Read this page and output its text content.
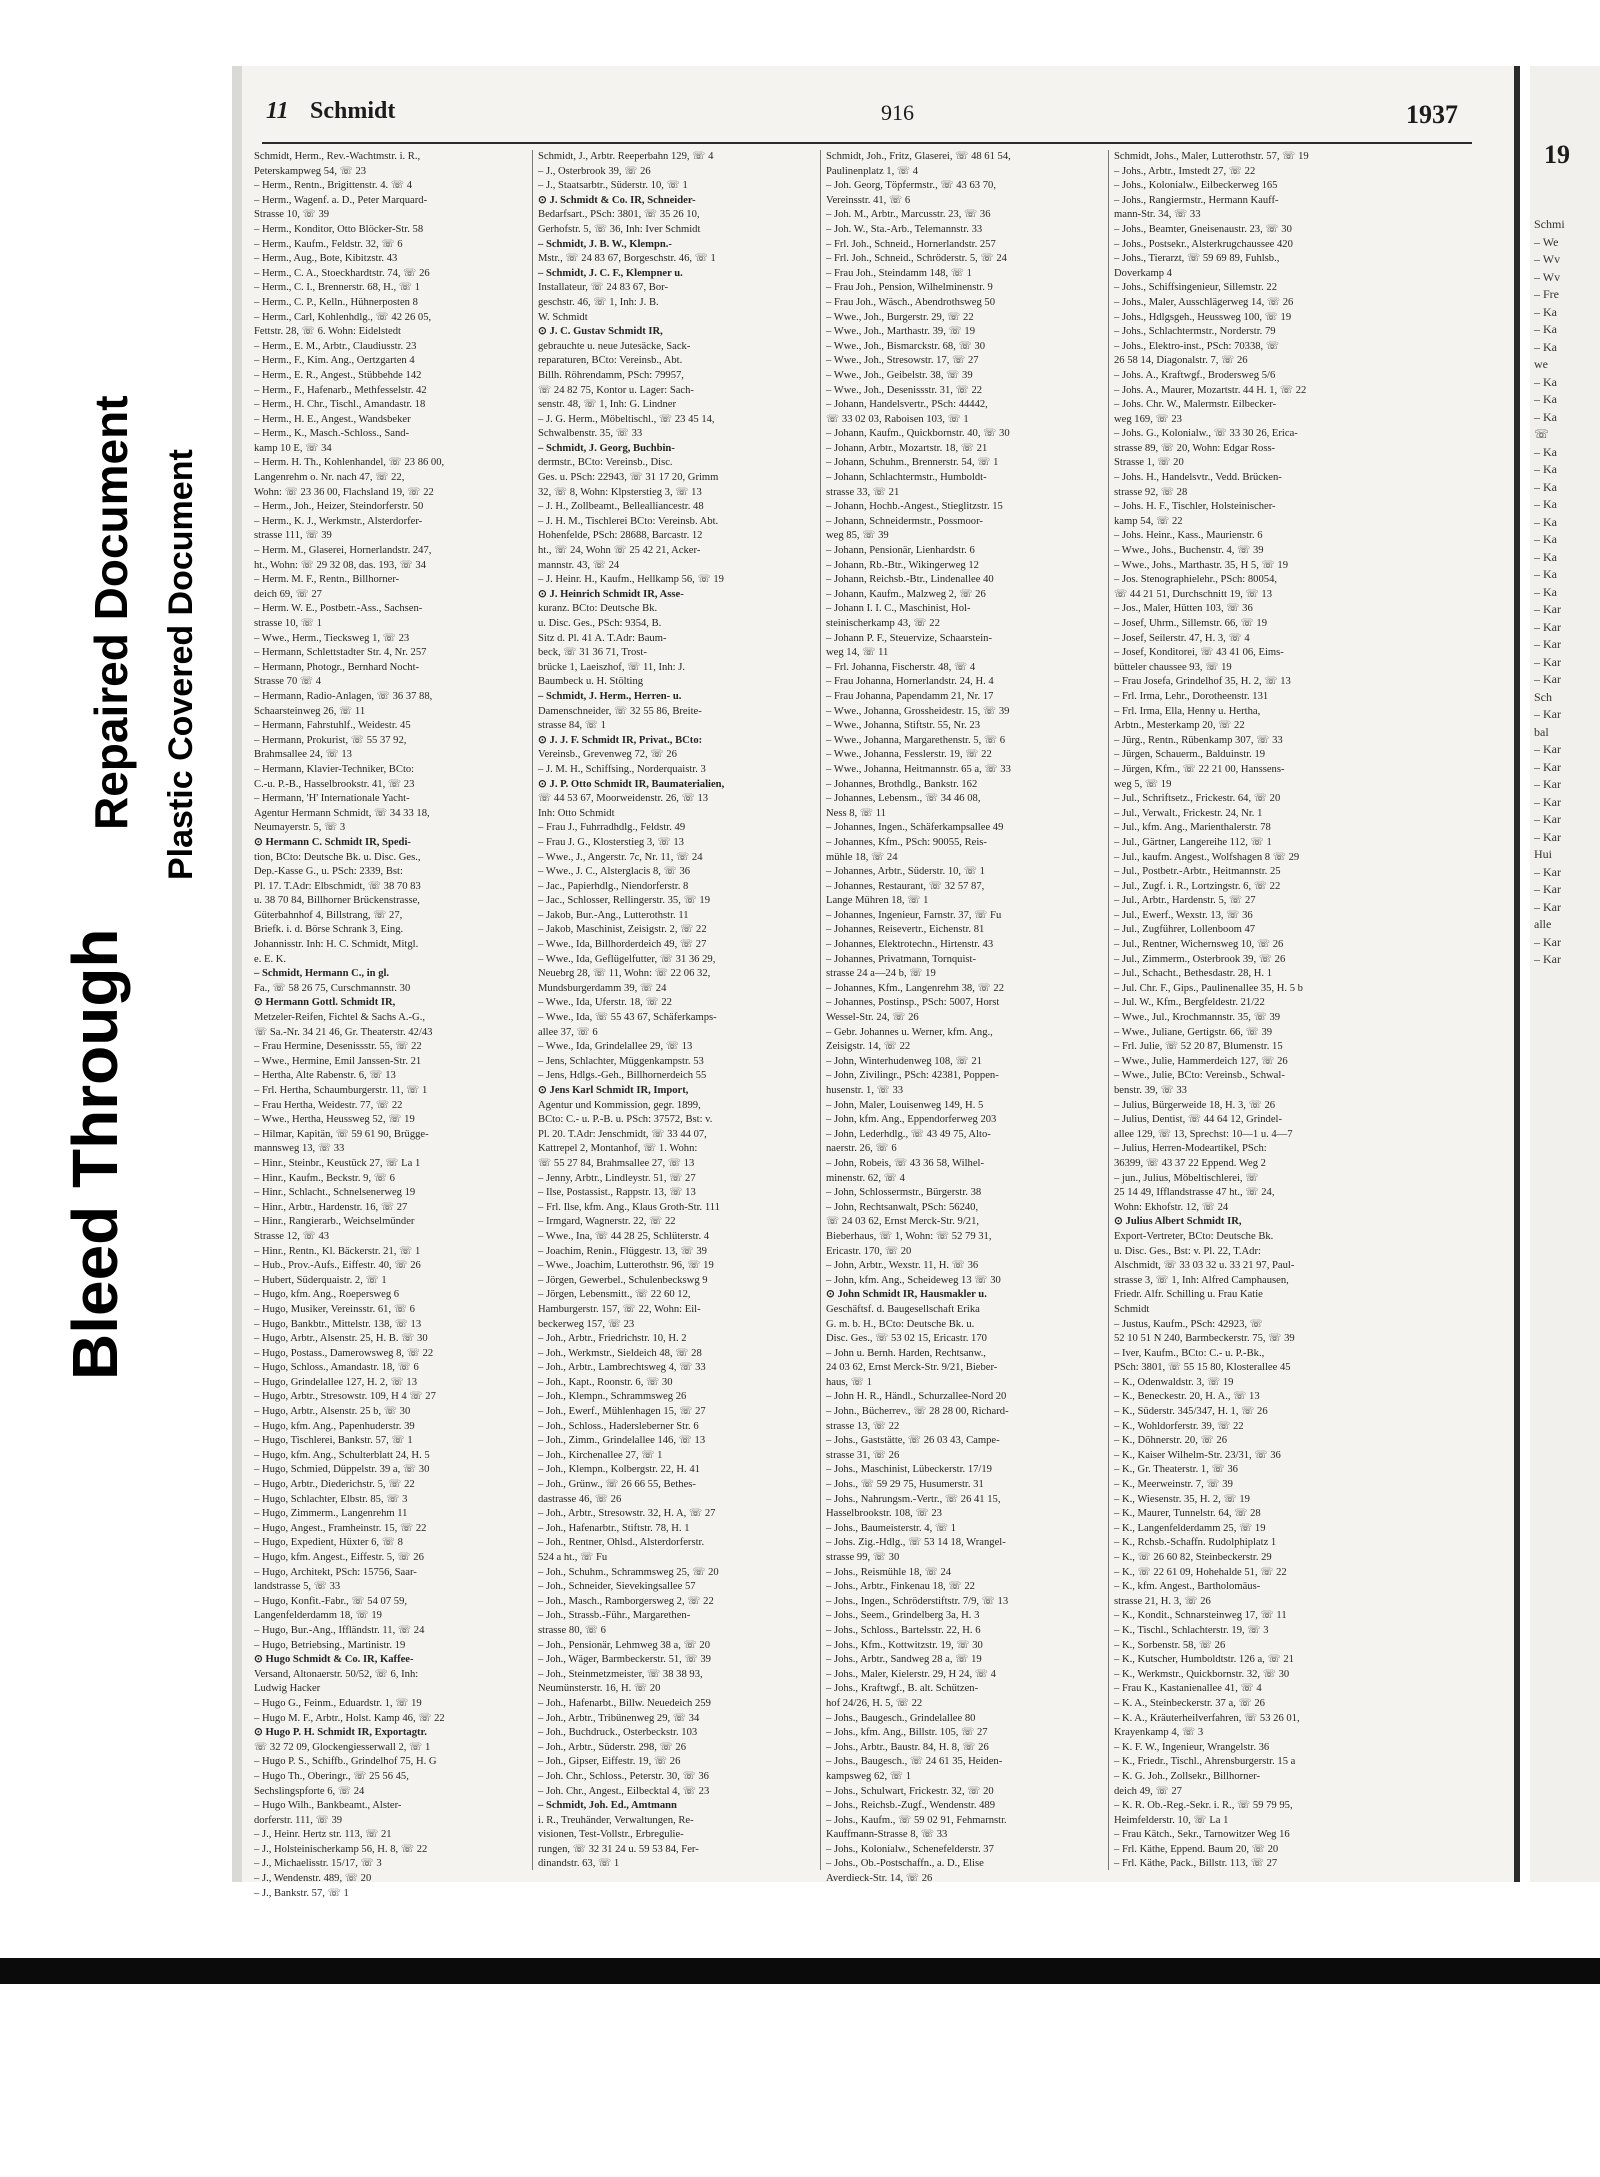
Bleed Through
Repaired Document Plastic Covered Document
11 Schmidt	916	1937
Schmidt, Herm., Rev.-Wachtmstr. i. R.,
Peterskampweg 54, ☏ 23
– Herm., Rentn., Brigittenstr. 4. ☏ 4
– Herm., Wagenf. a. D., Peter Marquard-
Strasse 10, ☏ 39
– Herm., Konditor, Otto Blöcker-Str. 58
– Herm., Kaufm., Feldstr. 32, ☏ 6
– Herm., Aug., Bote, Kibitzstr. 43
– Herm., C. A., Stoeckhardtstr. 74, ☏ 26
– Herm., C. I., Brennerstr. 68, H., ☏ 1
– Herm., C. P., Kelln., Hühnerposten 8
– Herm., Carl, Kohlenhdlg., ☏ 42 26 05,
Fettstr. 28, ☏ 6. Wohn: Eidelstedt
– Herm., E. M., Arbtr., Claudiusstr. 23
– Herm., F., Kim. Ang., Oertzgarten 4
– Herm., E. R., Angest., Stübbehde 142
– Herm., F., Hafenarb., Methfesselstr. 42
– Herm., H. Chr., Tischl., Amandastr. 18
– Herm., H. E., Angest., Wandsbeker
– Herm., K., Masch.-Schloss., Sand-
kamp 10 E, ☏ 34
– Herm. H. Th., Kohlenhandel, ☏ 23 86 00,
Langenrehm o. Nr. nach 47, ☏ 22,
Wohn: ☏ 23 36 00, Flachsland 19, ☏ 22
– Herm., Joh., Heizer, Steindorferstr. 50
– Herm., K. J., Werkmstr., Alsterdorfer-
strasse 111, ☏ 39
– Herm. M., Glaserei, Hornerlandstr. 247,
ht., Wohn: ☏ 29 32 08, das. 193, ☏ 34
– Herm. M. F., Rentn., Billhorner-
deich 69, ☏ 27
– Herm. W. E., Postbetr.-Ass., Sachsen-
strasse 10, ☏ 1
– Wwe., Herm., Tiecksweg 1, ☏ 23
– Hermann, Schlettstadter Str. 4, Nr. 257
– Hermann, Photogr., Bernhard Nocht-
Strasse 70 ☏ 4
– Hermann, Radio-Anlagen, ☏ 36 37 88,
Schaarsteinweg 26, ☏ 11
– Hermann, Fahrstuhlf., Weidestr. 45
– Hermann, Prokurist, ☏ 55 37 92,
Brahmsallee 24, ☏ 13
– Hermann, Klavier-Techniker, BCto:
C.-u. P.-B., Hasselbrookstr. 41, ☏ 23
– Hermann, 'H' Internationale Yacht-
Agentur Hermann Schmidt, ☏ 34 33 18,
Neumayerstr. 5, ☏ 3
⊙ Hermann C. Schmidt IR, Spedi-
tion, BCto: Deutsche Bk. u. Disc. Ges.,
Dep.-Kasse G., u. PSch: 2339, Bst:
Pl. 17. T.Adr: Elbschmidt, ☏ 38 70 83
u. 38 70 84, Billhorner Brückenstrasse,
Güterbahnhof 4, Billstrang, ☏ 27,
Briefk. i. d. Börse Schrank 3, Eing.
Johannisstr. Inh: H. C. Schmidt, Mitgl.
e. E. K.
– Schmidt, Hermann C., in gl.
Fa., ☏ 58 26 75, Curschmannstr. 30
⊙ Hermann Gottl. Schmidt IR,
Metzeler-Reifen, Fichtel & Sachs A.-G.,
☏ Sa.-Nr. 34 21 46, Gr. Theaterstr. 42/43
– Frau Hermine, Desenissstr. 55, ☏ 22
– Wwe., Hermine, Emil Janssen-Str. 21
– Hertha, Alte Rabenstr. 6, ☏ 13
– Frl. Hertha, Schaumburgerstr. 11, ☏ 1
– Frau Hertha, Weidestr. 77, ☏ 22
– Wwe., Hertha, Heussweg 52, ☏ 19
– Hilmar, Kapitän, ☏ 59 61 90, Brügge-
mannsweg 13, ☏ 33
– Hinr., Steinbr., Keustück 27, ☏ La 1
– Hinr., Kaufm., Beckstr. 9, ☏ 6
– Hinr., Schlacht., Schnelsenerweg 19
– Hinr., Arbtr., Hardenstr. 16, ☏ 27
– Hinr., Rangierarb., Weichselmünder
Strasse 12, ☏ 43
– Hinr., Rentn., Kl. Bäckerstr. 21, ☏ 1
– Hub., Prov.-Aufs., Eiffestr. 40, ☏ 26
– Hubert, Süderquaistr. 2, ☏ 1
– Hugo, kfm. Ang., Roepersweg 6
– Hugo, Musiker, Vereinsstr. 61, ☏ 6
– Hugo, Bankbtr., Mittelstr. 138, ☏ 13
– Hugo, Arbtr., Alsenstr. 25, H. B. ☏ 30
– Hugo, Postass., Damerowsweg 8, ☏ 22
– Hugo, Schloss., Amandastr. 18, ☏ 6
– Hugo, Grindelallee 127, H. 2, ☏ 13
– Hugo, Arbtr., Stresowstr. 109, H 4 ☏ 27
– Hugo, Arbtr., Alsenstr. 25 b, ☏ 30
– Hugo, kfm. Ang., Papenhuderstr. 39
– Hugo, Tischlerei, Bankstr. 57, ☏ 1
– Hugo, kfm. Ang., Schulterblatt 24, H. 5
– Hugo, Schmied, Düppelstr. 39 a, ☏ 30
– Hugo, Arbtr., Diederichstr. 5, ☏ 22
– Hugo, Schlachter, Elbstr. 85, ☏ 3
– Hugo, Zimmerm., Langenrehm 11
– Hugo, Angest., Framheinstr. 15, ☏ 22
– Hugo, Expedient, Hüxter 6, ☏ 8
– Hugo, kfm. Angest., Eiffestr. 5, ☏ 26
– Hugo, Architekt, PSch: 15756, Saar-
landstrasse 5, ☏ 33
– Hugo, Konfit.-Fabr., ☏ 54 07 59,
Langenfelderdamm 18, ☏ 19
– Hugo, Bur.-Ang., Iffländstr. 11, ☏ 24
– Hugo, Betriebsing., Martinistr. 19
⊙ Hugo Schmidt & Co. IR, Kaffee-
Versand, Altonaerstr. 50/52, ☏ 6, Inh:
Ludwig Hacker
– Hugo G., Feinm., Eduardstr. 1, ☏ 19
– Hugo M. F., Arbtr., Holst. Kamp 46, ☏ 22
⊙ Hugo P. H. Schmidt IR, Exportagtr.
☏ 32 72 09, Glockengiesserwall 2, ☏ 1
– Hugo P. S., Schiffb., Grindelhof 75, H. G
– Hugo Th., Oberingr., ☏ 25 56 45,
Sechslingspforte 6, ☏ 24
– Hugo Wilh., Bankbeamt., Alster-
dorferstr. 111, ☏ 39
– J., Heinr. Hertz str. 113, ☏ 21
– J., Holsteinischerkamp 56, H. 8, ☏ 22
– J., Michaelisstr. 15/17, ☏ 3
– J., Wendenstr. 489, ☏ 20
– J., Bankstr. 57, ☏ 1
Schmidt, J., Arbtr. Reeperbahn 129, ☏ 4
– J., Osterbrook 39, ☏ 26
– J., Staatsarbtr., Süderstr. 10, ☏ 1
⊙ J. Schmidt & Co. IR, Schneider-
Bedarfsart., PSch: 3801, ☏ 35 26 10,
Gerhofstr. 5, ☏ 36, Inh: Iver Schmidt
– Schmidt, J. B. W., Klempn.-
Mstr., ☏ 24 83 67, Borgeschstr. 46, ☏ 1
– Schmidt, J. C. F., Klempner u.
Installateur, ☏ 24 83 67, Bor-
geschstr. 46, ☏ 1, Inh: J. B.
W. Schmidt
⊙ J. C. Gustav Schmidt IR,
gebrauchte u. neue Jutesäcke, Sack-
reparaturen, BCto: Vereinsb., Abt.
Billh. Röhrendamm, PSch: 79957,
☏ 24 82 75, Kontor u. Lager: Sach-
senstr. 48, ☏ 1, Inh: G. Lindner
– J. G. Herm., Möbeltischl., ☏ 23 45 14,
Schwalbenstr. 35, ☏ 33
– Schmidt, J. Georg, Buchbin-
dermstr., BCto: Vereinsb., Disc.
Ges. u. PSch: 22943, ☏ 31 17 20, Grimm
32, ☏ 8, Wohn: Klpsterstieg 3, ☏ 13
– J. H., Zollbeamt., Bellealliancestr. 48
– J. H. M., Tischlerei BCto: Vereinsb. Abt.
Hohenfelde, PSch: 28688, Barcastr. 12
ht., ☏ 24, Wohn ☏ 25 42 21, Acker-
mannstr. 43, ☏ 24
– J. Heinr. H., Kaufm., Hellkamp 56, ☏ 19
⊙ J. Heinrich Schmidt IR, Asse-
kuranz. BCto: Deutsche Bk.
u. Disc. Ges., PSch: 9354, B.
Sitz d. Pl. 41 A. T.Adr: Baum-
beck, ☏ 31 36 71, Trost-
brücke 1, Laeiszhof, ☏ 11, Inh: J.
Baumbeck u. H. Stölting
– Schmidt, J. Herm., Herren- u.
Damenschneider, ☏ 32 55 86, Breite-
strasse 84, ☏ 1
⊙ J. J. F. Schmidt IR, Privat., BCto:
Vereinsb., Grevenweg 72, ☏ 26
– J. M. H., Schiffsing., Norderquaistr. 3
⊙ J. P. Otto Schmidt IR, Baumaterialien,
☏ 44 53 67, Moorweidenstr. 26, ☏ 13
Inh: Otto Schmidt
– Frau J., Fuhrradhdlg., Feldstr. 49
– Frau J. G., Klosterstieg 3, ☏ 13
– Wwe., J., Angerstr. 7c, Nr. 11, ☏ 24
– Wwe., J. C., Alsterglacis 8, ☏ 36
– Jac., Papierhdlg., Niendorferstr. 8
– Jac., Schlosser, Rellingerstr. 35, ☏ 19
– Jakob, Bur.-Ang., Lutterothstr. 11
– Jakob, Maschinist, Zeisigstr. 2, ☏ 22
– Wwe., Ida, Billhorderdeich 49, ☏ 27
– Wwe., Ida, Geflügelfutter, ☏ 31 36 29,
Neuebrg 28, ☏ 11, Wohn: ☏ 22 06 32,
Mundsburgerdamm 39, ☏ 24
– Wwe., Ida, Uferstr. 18, ☏ 22
– Wwe., Ida, ☏ 55 43 67, Schäferkamps-
allee 37, ☏ 6
– Wwe., Ida, Grindelallee 29, ☏ 13
– Jens, Schlachter, Müggenkampstr. 53
– Jens, Hdlgs.-Geh., Billhornerdeich 55
⊙ Jens Karl Schmidt IR, Import,
Agentur und Kommission, gegr. 1899,
BCto: C.- u. P.-B. u. PSch: 37572, Bst: v.
Pl. 20. T.Adr: Jenschmidt, ☏ 33 44 07,
Kattrepel 2, Montanhof, ☏ 1. Wohn:
☏ 55 27 84, Brahmsallee 27, ☏ 13
– Jenny, Arbtr., Lindleystr. 51, ☏ 27
– Ilse, Postassist., Rappstr. 13, ☏ 13
– Frl. Ilse, kfm. Ang., Klaus Groth-Str. 111
– Irmgard, Wagnerstr. 22, ☏ 22
– Wwe., Ina, ☏ 44 28 25, Schlüterstr. 4
– Joachim, Renin., Flüggestr. 13, ☏ 39
– Wwe., Joachim, Lutterothstr. 96, ☏ 19
– Jörgen, Gewerbel., Schulenbeckswg 9
– Jörgen, Lebensmitt., ☏ 22 60 12,
Hamburgerstr. 157, ☏ 22, Wohn: Eil-
beckerweg 157, ☏ 23
– Joh., Arbtr., Friedrichstr. 10, H. 2
– Joh., Werkmstr., Sieldeich 48, ☏ 28
– Joh., Arbtr., Lambrechtsweg 4, ☏ 33
– Joh., Kapt., Roonstr. 6, ☏ 30
– Joh., Klempn., Schrammsweg 26
– Joh., Ewerf., Mühlenhagen 15, ☏ 27
– Joh., Schloss., Hadersleberner Str. 6
– Joh., Zimm., Grindelallee 146, ☏ 13
– Joh., Kirchenallee 27, ☏ 1
– Joh., Klempn., Kolbergstr. 22, H. 41
– Joh., Grünw., ☏ 26 66 55, Bethes-
dastrasse 46, ☏ 26
– Joh., Arbtr., Stresowstr. 32, H. A, ☏ 27
– Joh., Hafenarbtr., Stiftstr. 78, H. 1
– Joh., Rentner, Ohlsd., Alsterdorferstr.
524 a ht., ☏ Fu
– Joh., Schuhm., Schrammsweg 25, ☏ 20
– Joh., Schneider, Sievekingsallee 57
– Joh., Masch., Ramborgersweg 2, ☏ 22
– Joh., Strassb.-Führ., Margarethen-
strasse 80, ☏ 6
– Joh., Pensionär, Lehmweg 38 a, ☏ 20
– Joh., Wäger, Barmbeckerstr. 51, ☏ 39
– Joh., Steinmetzmeister, ☏ 38 38 93,
Neumünsterstr. 16, H. ☏ 20
– Joh., Hafenarbt., Billw. Neuedeich 259
– Joh., Arbtr., Tribünenweg 29, ☏ 34
– Joh., Buchdruck., Osterbeckstr. 103
– Joh., Arbtr., Süderstr. 298, ☏ 26
– Joh., Gipser, Eiffestr. 19, ☏ 26
– Joh. Chr., Schloss., Peterstr. 30, ☏ 36
– Joh. Chr., Angest., Eilbecktal 4, ☏ 23
– Schmidt, Joh. Ed., Amtmann
i. R., Treuhänder, Verwaltungen, Re-
visionen, Test-Vollstr., Erbregulie-
rungen, ☏ 32 31 24 u. 59 53 84, Fer-
dinandstr. 63, ☏ 1
Schmidt, Joh., Fritz, Glaserei, ☏ 48 61 54,
Paulinenplatz 1, ☏ 4
– Joh. Georg, Töpfermstr., ☏ 43 63 70,
Vereinsstr. 41, ☏ 6
– Joh. M., Arbtr., Marcusstr. 23, ☏ 36
– Joh. W., Sta.-Arb., Telemannstr. 33
– Frl. Joh., Schneid., Hornerlandstr. 257
– Frl. Joh., Schneid., Schröderstr. 5, ☏ 24
– Frau Joh., Steindamm 148, ☏ 1
– Frau Joh., Pension, Wilhelminenstr. 9
– Frau Joh., Wäsch., Abendrothsweg 50
– Wwe., Joh., Burgerstr. 29, ☏ 22
– Wwe., Joh., Marthastr. 39, ☏ 19
– Wwe., Joh., Bismarckstr. 68, ☏ 30
– Wwe., Joh., Stresowstr. 17, ☏ 27
– Wwe., Joh., Geibelstr. 38, ☏ 39
– Wwe., Joh., Desenissstr. 31, ☏ 22
– Johann, Handelsvertr., PSch: 44442,
☏ 33 02 03, Raboisen 103, ☏ 1
– Johann, Kaufm., Quickbornstr. 40, ☏ 30
– Johann, Arbtr., Mozartstr. 18, ☏ 21
– Johann, Schuhm., Brennerstr. 54, ☏ 1
– Johann, Schlachtermstr., Humboldt-
strasse 33, ☏ 21
– Johann, Hochb.-Angest., Stieglitzstr. 15
– Johann, Schneidermstr., Possmoor-
weg 85, ☏ 39
– Johann, Pensionär, Lienhardstr. 6
– Johann, Rb.-Btr., Wikingerweg 12
– Johann, Reichsb.-Btr., Lindenallee 40
– Johann, Kaufm., Malzweg 2, ☏ 26
– Johann I. I. C., Maschinist, Hol-
steinischerkamp 43, ☏ 22
– Johann P. F., Steuervize, Schaarstein-
weg 14, ☏ 11
– Frl. Johanna, Fischerstr. 48, ☏ 4
– Frau Johanna, Hornerlandstr. 24, H. 4
– Frau Johanna, Papendamm 21, Nr. 17
– Wwe., Johanna, Grossheidestr. 15, ☏ 39
– Wwe., Johanna, Stiftstr. 55, Nr. 23
– Wwe., Johanna, Margarethenstr. 5, ☏ 6
– Wwe., Johanna, Fesslerstr. 19, ☏ 22
– Wwe., Johanna, Heitmannstr. 65 a, ☏ 33
– Johannes, Brothdlg., Bankstr. 162
– Johannes, Lebensm., ☏ 34 46 08,
Ness 8, ☏ 11
– Johannes, Ingen., Schäferkampsallee 49
– Johannes, Kfm., PSch: 90055, Reis-
mühle 18, ☏ 24
– Johannes, Arbtr., Süderstr. 10, ☏ 1
– Johannes, Restaurant, ☏ 32 57 87,
Lange Mühren 18, ☏ 1
– Johannes, Ingenieur, Farnstr. 37, ☏ Fu
– Johannes, Reisevertr., Eichenstr. 81
– Johannes, Elektrotechn., Hirtenstr. 43
– Johannes, Privatmann, Tornquist-
strasse 24 a—24 b, ☏ 19
– Johannes, Kfm., Langenrehm 38, ☏ 22
– Johannes, Postinsp., PSch: 5007, Horst
Wessel-Str. 24, ☏ 26
– Gebr. Johannes u. Werner, kfm. Ang.,
Zeisigstr. 14, ☏ 22
– John, Winterhudenweg 108, ☏ 21
– John, Zivilingr., PSch: 42381, Poppen-
husenstr. 1, ☏ 33
– John, Maler, Louisenweg 149, H. 5
– John, kfm. Ang., Eppendorferweg 203
– John, Lederhdlg., ☏ 43 49 75, Alto-
naerstr. 26, ☏ 6
– John, Robeis, ☏ 43 36 58, Wilhel-
minenstr. 62, ☏ 4
– John, Schlossermstr., Bürgerstr. 38
– John, Rechtsanwalt, PSch: 56240,
☏ 24 03 62, Ernst Merck-Str. 9/21,
Bieberhaus, ☏ 1, Wohn: ☏ 52 79 31,
Ericastr. 170, ☏ 20
– John, Arbtr., Wexstr. 11, H. ☏ 36
– John, kfm. Ang., Scheideweg 13 ☏ 30
⊙ John Schmidt IR, Hausmakler u.
Geschäftsf. d. Baugesellschaft Erika
G. m. b. H., BCto: Deutsche Bk. u.
Disc. Ges., ☏ 53 02 15, Ericastr. 170
– John u. Bernh. Harden, Rechtsanw.,
24 03 62, Ernst Merck-Str. 9/21, Bieber-
haus, ☏ 1
– John H. R., Händl., Schurzallee-Nord 20
– John., Bücherrev., ☏ 28 28 00, Richard-
strasse 13, ☏ 22
– Johs., Gaststätte, ☏ 26 03 43, Campe-
strasse 31, ☏ 26
– Johs., Maschinist, Lübeckerstr. 17/19
– Johs., ☏ 59 29 75, Husumerstr. 31
– Johs., Nahrungsm.-Vertr., ☏ 26 41 15,
Hasselbrookstr. 108, ☏ 23
– Johs., Baumeisterstr. 4, ☏ 1
– Johs. Zig.-Hdlg., ☏ 53 14 18, Wrangel-
strasse 99, ☏ 30
– Johs., Reismühle 18, ☏ 24
– Johs., Arbtr., Finkenau 18, ☏ 22
– Johs., Ingen., Schröderstiftstr. 7/9, ☏ 13
– Johs., Seem., Grindelberg 3a, H. 3
– Johs., Schloss., Bartelsstr. 22, H. 6
– Johs., Kfm., Kottwitzstr. 19, ☏ 30
– Johs., Arbtr., Sandweg 28 a, ☏ 19
– Johs., Maler, Kielerstr. 29, H 24, ☏ 4
– Johs., Kraftwgf., B. alt. Schützen-
hof 24/26, H. 5, ☏ 22
– Johs., Baugesch., Grindelallee 80
– Johs., kfm. Ang., Billstr. 105, ☏ 27
– Johs., Arbtr., Baustr. 84, H. 8, ☏ 26
– Johs., Baugesch., ☏ 24 61 35, Heiden-
kampsweg 62, ☏ 1
– Johs., Schulwart, Frickestr. 32, ☏ 20
– Johs., Reichsb.-Zugf., Wendenstr. 489
– Johs., Kaufm., ☏ 59 02 91, Fehmarnstr.
Kauffmann-Strasse 8, ☏ 33
– Johs., Kolonialw., Schenefelderstr. 37
– Johs., Ob.-Postschaffn., a. D., Elise
Averdieck-Str. 14, ☏ 26
Schmidt, Johs., Maler, Lutterothstr. 57, ☏ 19
– Johs., Arbtr., Imstedt 27, ☏ 22
– Johs., Kolonialw., Eilbeckerweg 165
– Johs., Rangiermstr., Hermann Kauff-
mann-Str. 34, ☏ 33
– Johs., Beamter, Gneisenaustr. 23, ☏ 30
– Johs., Postsekr., Alsterkrugchaussee 420
– Johs., Tierarzt, ☏ 59 69 89, Fuhlsb.,
Doverkamp 4
– Johs., Schiffsingenieur, Sillemstr. 22
– Johs., Maler, Ausschlägerweg 14, ☏ 26
– Johs., Hdlgsgeh., Heussweg 100, ☏ 19
– Johs., Schlachtermstr., Norderstr. 79
– Johs., Elektro-inst., PSch: 70338, ☏
26 58 14, Diagonalstr. 7, ☏ 26
– Johs. A., Kraftwgf., Brodersweg 5/6
– Johs. A., Maurer, Mozartstr. 44 H. 1, ☏ 22
– Johs. Chr. W., Malermstr. Eilbecker-
weg 169, ☏ 23
– Johs. G., Kolonialw., ☏ 33 30 26, Erica-
strasse 89, ☏ 20, Wohn: Edgar Ross-
Strasse 1, ☏ 20
– Johs. H., Handelsvtr., Vedd. Brücken-
strasse 92, ☏ 28
– Johs. H. F., Tischler, Holsteinischer-
kamp 54, ☏ 22
– Johs. Heinr., Kass., Maurienstr. 6
– Wwe., Johs., Buchenstr. 4, ☏ 39
– Wwe., Johs., Marthastr. 35, H 5, ☏ 19
– Jos. Stenographielehr., PSch: 80054,
☏ 44 21 51, Durchschnitt 19, ☏ 13
– Jos., Maler, Hütten 103, ☏ 36
– Josef, Uhrm., Sillemstr. 66, ☏ 19
– Josef, Seilerstr. 47, H. 3, ☏ 4
– Josef, Konditorei, ☏ 43 41 06, Eims-
bütteler chaussee 93, ☏ 19
– Frau Josefa, Grindelhof 35, H. 2, ☏ 13
– Frl. Irma, Lehr., Dorotheenstr. 131
– Frl. Irma, Ella, Henny u. Hertha,
Arbtn., Mesterkamp 20, ☏ 22
– Jürg., Rentn., Rübenkamp 307, ☏ 33
– Jürgen, Schauerm., Balduinstr. 19
– Jürgen, Kfm., ☏ 22 21 00, Hanssens-
weg 5, ☏ 19
– Jul., Schriftsetz., Frickestr. 64, ☏ 20
– Jul., Verwalt., Frickestr. 24, Nr. 1
– Jul., kfm. Ang., Marienthalerstr. 78
– Jul., Gärtner, Langereihe 112, ☏ 1
– Jul., kaufm. Angest., Wolfshagen 8 ☏ 29
– Jul., Postbetr.-Arbtr., Heitmannstr. 25
– Jul., Zugf. i. R., Lortzingstr. 6, ☏ 22
– Jul., Arbtr., Hardenstr. 5, ☏ 27
– Jul., Ewerf., Wexstr. 13, ☏ 36
– Jul., Zugführer, Lollenboom 47
– Jul., Rentner, Wichernsweg 10, ☏ 26
– Jul., Zimmerm., Osterbrook 39, ☏ 26
– Jul., Schacht., Bethesdastr. 28, H. 1
– Jul. Chr. F., Gips., Paulinenallee 35, H. 5 b
– Jul. W., Kfm., Bergfeldestr. 21/22
– Wwe., Jul., Krochmannstr. 35, ☏ 39
– Wwe., Juliane, Gertigstr. 66, ☏ 39
– Frl. Julie, ☏ 52 20 87, Blumenstr. 15
– Wwe., Julie, Hammerdeich 127, ☏ 26
– Wwe., Julie, BCto: Vereinsb., Schwal-
benstr. 39, ☏ 33
– Julius, Bürgerweide 18, H. 3, ☏ 26
– Julius, Dentist, ☏ 44 64 12, Grindel-
allee 129, ☏ 13, Sprechst: 10—1 u. 4—7
– Julius, Herren-Modeartikel, PSch:
36399, ☏ 43 37 22 Eppend. Weg 2
– jun., Julius, Möbeltischlerei, ☏
25 14 49, Ifflandstrasse 47 ht., ☏ 24,
Wohn: Ekhofstr. 12, ☏ 24
⊙ Julius Albert Schmidt IR,
Export-Vertreter, BCto: Deutsche Bk.
u. Disc. Ges., Bst: v. Pl. 22, T.Adr:
Alschmidt, ☏ 33 03 32 u. 33 21 97, Paul-
strasse 3, ☏ 1, Inh: Alfred Camphausen,
Friedr. Alfr. Schilling u. Frau Katie
Schmidt
– Justus, Kaufm., PSch: 42923, ☏
52 10 51 N 240, Barmbeckerstr. 75, ☏ 39
– Iver, Kaufm., BCto: C.- u. P.-Bk.,
PSch: 3801, ☏ 55 15 80, Klosterallee 45
– K., Odenwaldstr. 3, ☏ 19
– K., Beneckestr. 20, H. A., ☏ 13
– K., Süderstr. 345/347, H. 1, ☏ 26
– K., Wohldorferstr. 39, ☏ 22
– K., Döhnerstr. 20, ☏ 26
– K., Kaiser Wilhelm-Str. 23/31, ☏ 36
– K., Gr. Theaterstr. 1, ☏ 36
– K., Meerweinstr. 7, ☏ 39
– K., Wiesenstr. 35, H. 2, ☏ 19
– K., Maurer, Tunnelstr. 64, ☏ 28
– K., Langenfelderdamm 25, ☏ 19
– K., Rchsb.-Schaffn. Rudolphiplatz 1
– K., ☏ 26 60 82, Steinbeckerstr. 29
– K., ☏ 22 61 09, Hohehalde 51, ☏ 22
– K., kfm. Angest., Bartholomäus-
strasse 21, H. 3, ☏ 26
– K., Kondit., Schnarsteinweg 17, ☏ 11
– K., Tischl., Schlachterstr. 19, ☏ 3
– K., Sorbenstr. 58, ☏ 26
– K., Kutscher, Humboldtstr. 126 a, ☏ 21
– K., Werkmstr., Quickbornstr. 32, ☏ 30
– Frau K., Kastanienallee 41, ☏ 4
– K. A., Steinbeckerstr. 37 a, ☏ 26
– K. A., Kräuterheilverfahren, ☏ 53 26 01,
Krayenkamp 4, ☏ 3
– K. F. W., Ingenieur, Wrangelstr. 36
– K., Friedr., Tischl., Ahrensburgerstr. 15 a
– K. G. Joh., Zollsekr., Billhorner-
deich 49, ☏ 27
– K. R. Ob.-Reg.-Sekr. i. R., ☏ 59 79 95,
Heimfelderstr. 10, ☏ La 1
– Frau Kätch., Sekr., Tarnowitzer Weg 16
– Frl. Käthe, Eppend. Baum 20, ☏ 20
– Frl. Käthe, Pack., Billstr. 113, ☏ 27
19
Schmi
– We
– Wv
– Wv
– Fre
– Ka
– Ka
– Ka
we
– Ka
– Ka
– Ka
☏
– Ka
– Ka
– Ka
– Ka
– Ka
– Ka
– Ka
– Ka
– Ka
– Kar
– Kar
– Kar
– Kar
– Kar
Sch
– Kar
bal
– Kar
– Kar
– Kar
– Kar
– Kar
– Kar
Hui
– Kar
– Kar
– Kar
alle
– Kar
– Kar
